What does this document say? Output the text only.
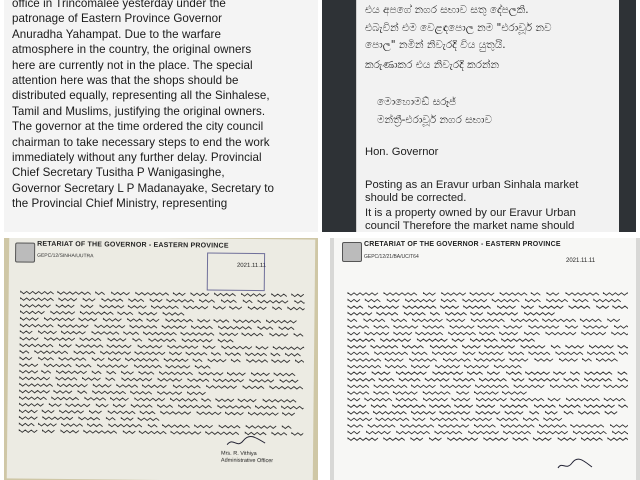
office in Trincomalee yesterday under the
patronage of Eastern Province Governor
Anuradha Yahampat. Due to the warfare
atmosphere in the country, the original owners
here are currently not in the place. The special
attention here was that the shops should be
distributed equally, representing all the Sinhalese,
Tamil and Muslims, justifying the original owners.
The governor at the time ordered the city council
chairman to take necessary steps to end the work
immediately without any further delay. Provincial
Chief Secretary Tusitha P Wanigasinghe,
Governor Secretary L P Madanayake, Secretary to
the Provincial Chief Ministry, representing
එය අපගේ නගර සභාව සතු දේපලකි.
එබැවින් එම වෙළඳපොල නම "එරාවූර් නව
පොල" නමින් නිවැරදි විය යුතුයි.
කරුණාකර එය නිවැරදි කරන්න
මොහොමඩ් සරූජ්
මන්ත්‍රී-එරාවූර් නගර සභාව
Hon. Governor
Posting as an Eravur urban Sinhala market
should be corrected.
It is a property owned by our Eravur Urban
council Therefore the market name should
RETARIAT OF THE GOVERNOR - EASTERN PROVINCE
GEPC/12/SINHA/UUTRA
2021.11.11
Mrs. R. Vithiya
Administrative Officer
CRETARIAT OF THE GOVERNOR - EASTERN PROVINCE
GEPC/12/21/BA/UC/T64
2021.11.11
